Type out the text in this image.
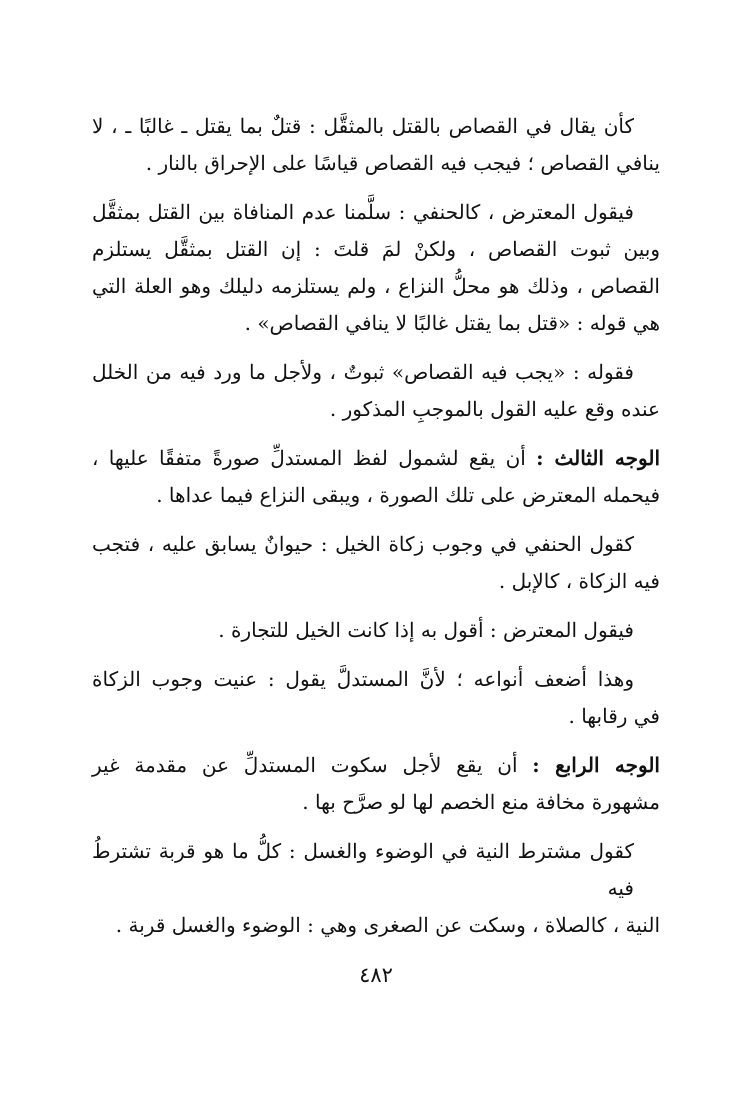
كأن يقال في القصاص بالقتل بالمثقَّل : قتلٌ بما يقتل ـ غالبًا ـ ، لا
ينافي القصاص ؛ فيجب فيه القصاص قياسًا على الإحراق بالنار .

فيقول المعترض ، كالحنفي : سلَّمنا عدم المنافاة بين القتل بمثقَّل
وبين ثبوت القصاص ، ولكنْ لمَ قلتَ : إن القتل بمثقَّل يستلزم
القصاص ، وذلك هو محلُّ النزاع ، ولم يستلزمه دليلك وهو العلة التي
هي قوله : «قتل بما يقتل غالبًا لا ينافي القصاص» .

فقوله : «يجب فيه القصاص» ثبوتٌ ، ولأجل ما ورد فيه من الخلل
عنده وقع عليه القول بالموجبِ المذكور .

الوجه الثالث : أن يقع لشمول لفظ المستدلِّ صورةً متفقًا عليها ،
فيحمله المعترض على تلك الصورة ، ويبقى النزاع فيما عداها .

كقول الحنفي في وجوب زكاة الخيل : حيوانٌ يسابق عليه ، فتجب
فيه الزكاة ، كالإبل .

فيقول المعترض : أقول به إذا كانت الخيل للتجارة .

وهذا أضعف أنواعه ؛ لأنَّ المستدلَّ يقول : عنيت وجوب الزكاة
في رقابها .

الوجه الرابع : أن يقع لأجل سكوت المستدلِّ عن مقدمة غير
مشهورة مخافة منع الخصم لها لو صرَّح بها .

كقول مشترط النية في الوضوء والغسل : كلُّ ما هو قربة تشترطُ فيه
النية ، كالصلاة ، وسكت عن الصغرى وهي : الوضوء والغسل قربة .

٤٨٢
